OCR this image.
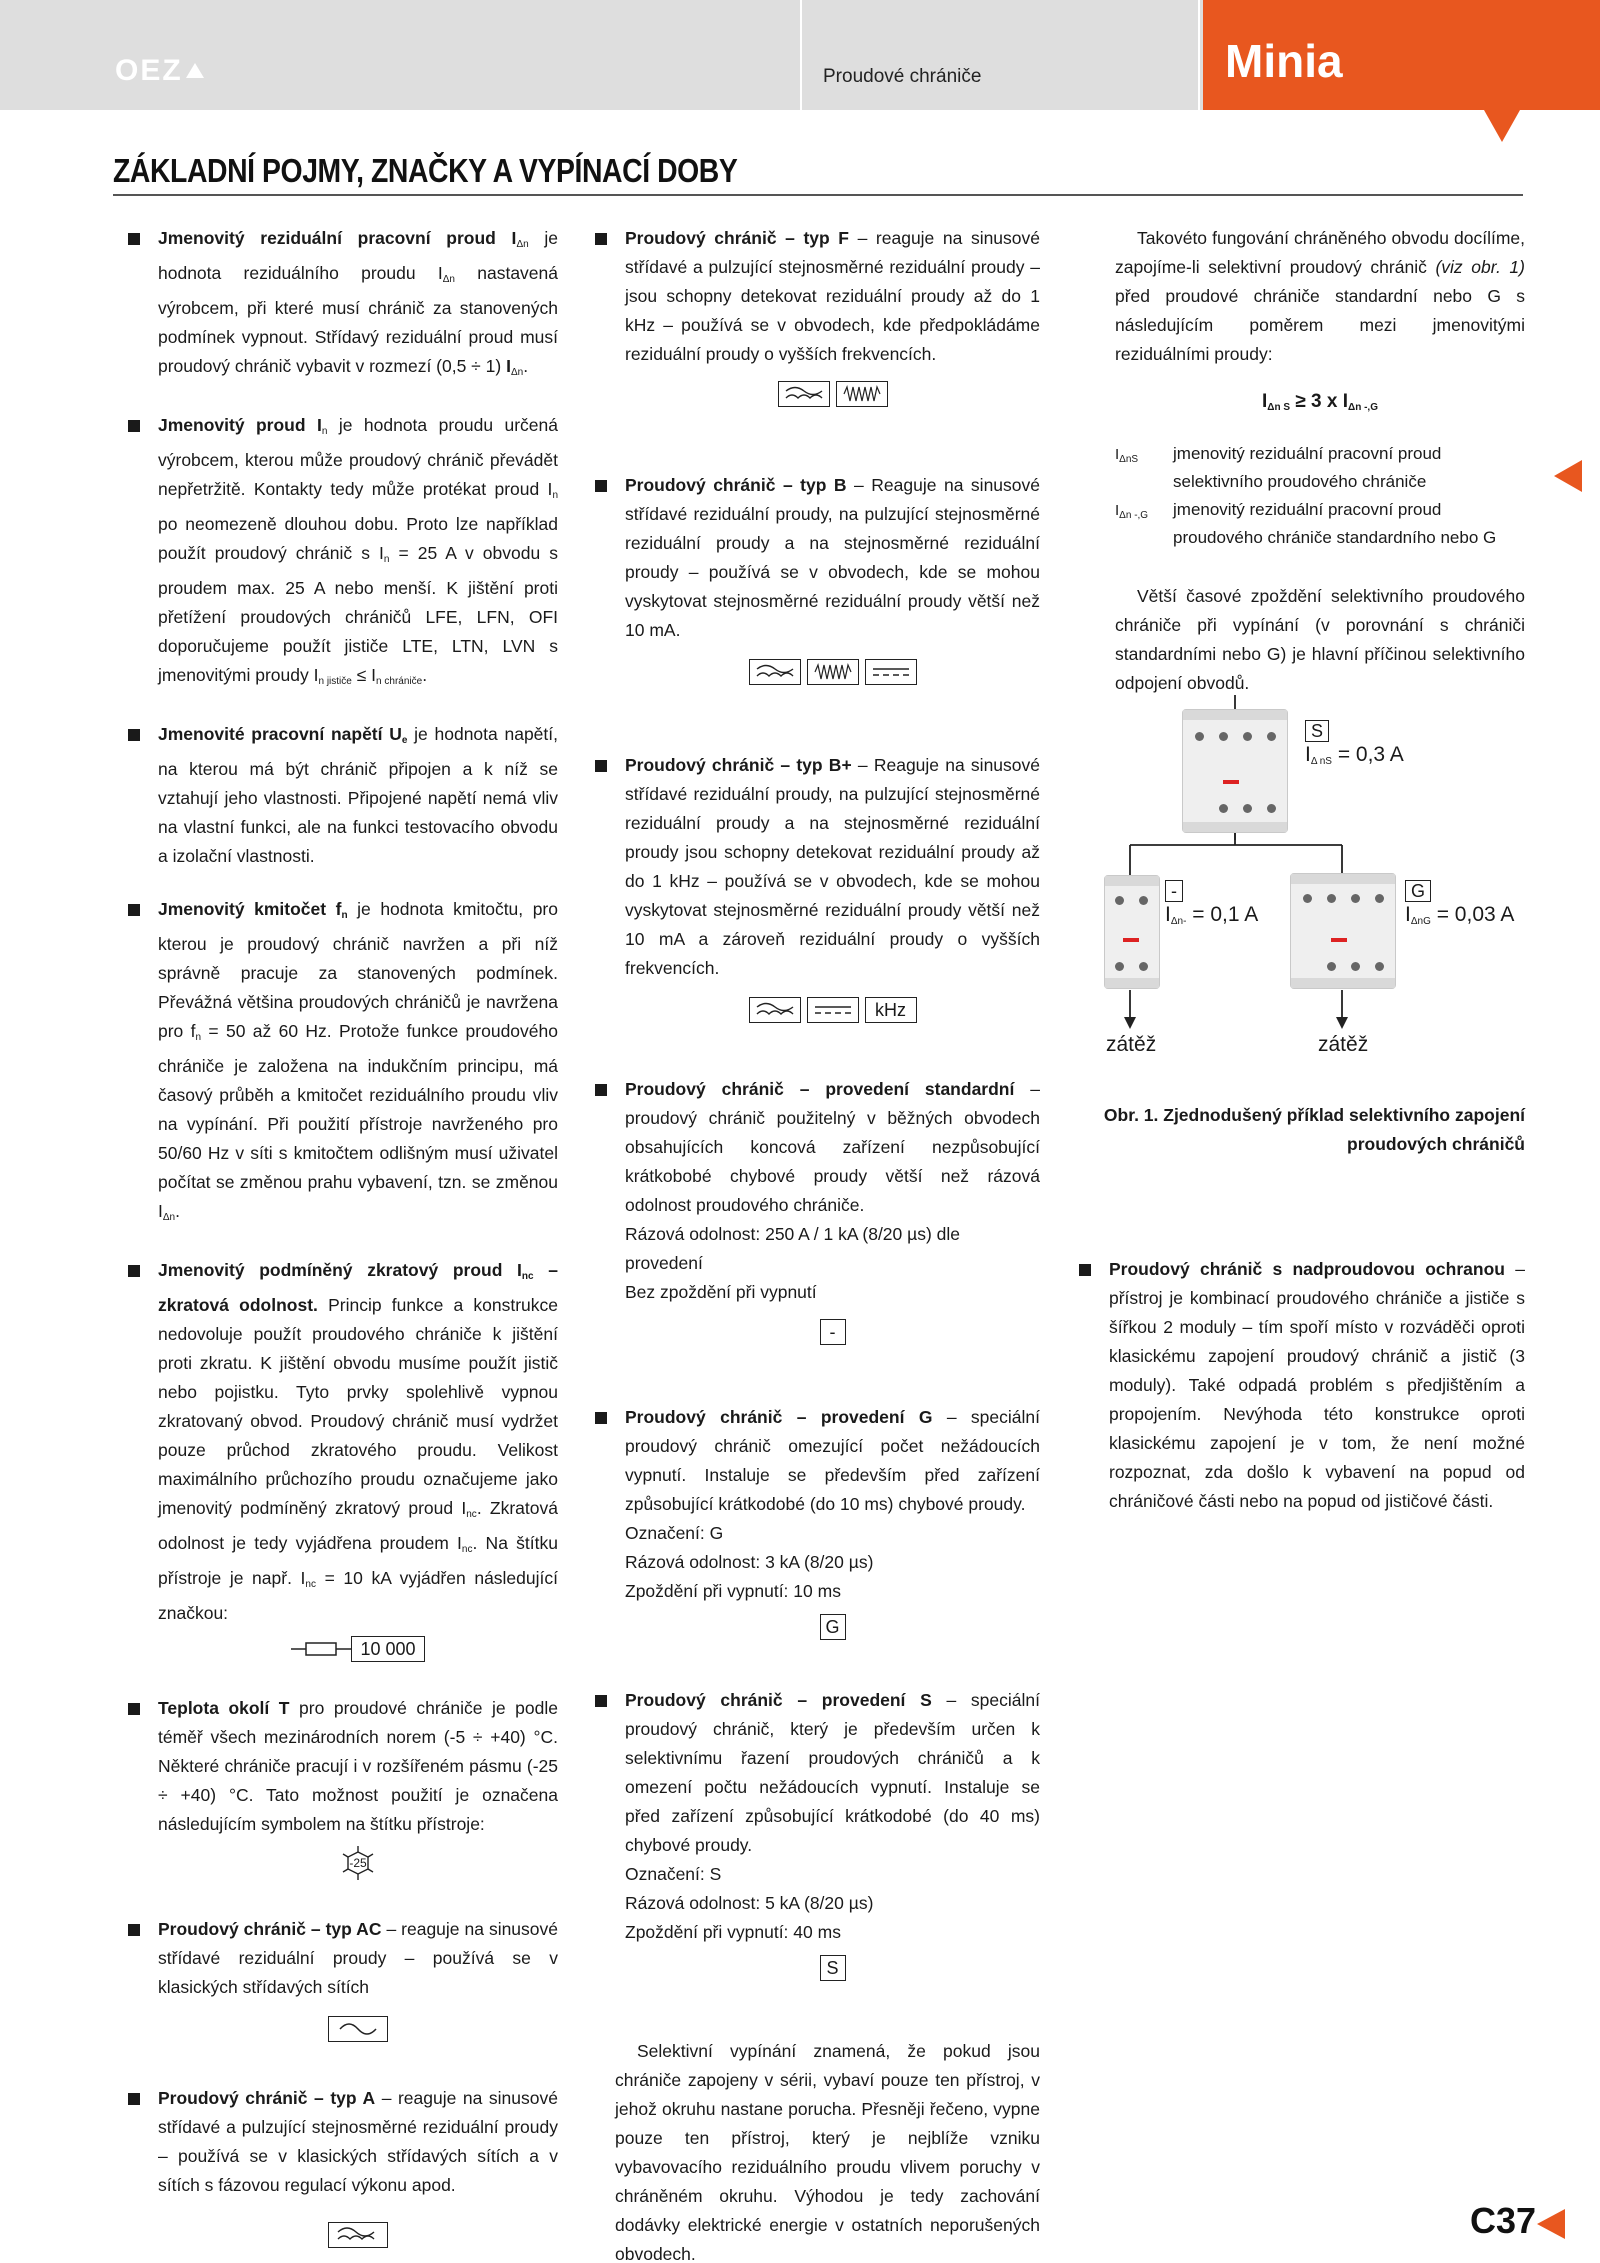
OEZ	Proudové chrániče	Minia
ZÁKLADNÍ POJMY, ZNAČKY A VYPÍNACÍ DOBY

Jmenovitý reziduální pracovní proud $I_{\Delta n}$ je hodnota reziduálního proudu $I_{\Delta n}$ nastavená výrobcem, při které musí chránič za stanovených podmínek vypnout. Střídavý reziduální proud musí proudový chránič vybavit v rozmezí (0,5 ÷ 1) $I_{\Delta n}$.

Jmenovitý proud $I_n$ je hodnota proudu určená výrobcem, kterou může proudový chránič převádět nepřetržitě. Kontakty tedy může protékat proud $I_n$ po neomezeně dlouhou dobu. Proto lze například použít proudový chránič s $I_n = 25$ A v obvodu s proudem max. 25 A nebo menší. K jištění proti přetížení proudových chráničů LFE, LFN, OFI doporučujeme použít jističe LTE, LTN, LVN s jmenovitými proudy $I_{n jističe} \le I_{n chrániče}$.

Jmenovité pracovní napětí $U_e$ je hodnota napětí, na kterou má být chránič připojen a k níž se vztahují jeho vlastnosti. Připojené napětí nemá vliv na vlastní funkci, ale na funkci testovacího obvodu a izolační vlastnosti.

Jmenovitý kmitočet $f_n$ je hodnota kmitočtu, pro kterou je proudový chránič navržen a při níž správně pracuje za stanovených podmínek. Převážná většina proudových chráničů je navržena pro $f_n = 50$ až 60 Hz. Protože funkce proudového chrániče je založena na indukčním principu, má časový průběh a kmitočet reziduálního proudu vliv na vypínání. Při použití přístroje navrženého pro 50/60 Hz v síti s kmitočtem odlišným musí uživatel počítat se změnou prahu vybavení, tzn. se změnou $I_{\Delta n}$.

Jmenovitý podmíněný zkratový proud $I_{nc}$ – zkratová odolnost. Princip funkce a konstrukce nedovoluje použít proudového chrániče k jištění proti zkratu. K jištění obvodu musíme použít jistič nebo pojistku. Tyto prvky spolehlivě vypnou zkratovaný obvod. Proudový chránič musí vydržet pouze průchod zkratového proudu. Velikost maximálního průchozího proudu označujeme jako jmenovitý podmíněný zkratový proud $I_{nc}$. Zkratová odolnost je tedy vyjádřena proudem $I_{nc}$. Na štítku přístroje je např. $I_{nc} = 10$ kA vyjádřen následující značkou:

10 000

Teplota okolí T pro proudové chrániče je podle téměř všech mezinárodních norem (-5 ÷ +40) °C. Některé chrániče pracují i v rozšířeném pásmu (-25 ÷ +40) °C. Tato možnost použití je označena následujícím symbolem na štítku přístroje:

-25

Proudový chránič – typ AC – reaguje na sinusové střídavé reziduální proudy – používá se v klasických střídavých sítích

Proudový chránič – typ A – reaguje na sinusové střídavé a pulzující stejnosměrné reziduální proudy – používá se v klasických střídavých sítích a v sítích s fázovou regulací výkonu apod.

Proudový chránič – typ F – reaguje na sinusové střídavé a pulzující stejnosměrné reziduální proudy – jsou schopny detekovat reziduální proudy až do 1 kHz – používá se v obvodech, kde předpokládáme reziduální proudy o vyšších frekvencích.

Proudový chránič – typ B – Reaguje na sinusové střídavé reziduální proudy, na pulzující stejnosměrné reziduální proudy a na stejnosměrné reziduální proudy – používá se v obvodech, kde se mohou vyskytovat stejnosměrné reziduální proudy větší než 10 mA.

Proudový chránič – typ B+ – Reaguje na sinusové střídavé reziduální proudy, na pulzující stejnosměrné reziduální proudy a na stejnosměrné reziduální proudy jsou schopny detekovat reziduální proudy až do 1 kHz – používá se v obvodech, kde se mohou vyskytovat stejnosměrné reziduální proudy větší než 10 mA a zároveň reziduální proudy o vyšších frekvencích.

kHz

Proudový chránič – provedení standardní – proudový chránič použitelný v běžných obvodech obsahujících koncová zařízení nezpůsobující krátkobobé chybové proudy větší než rázová odolnost proudového chrániče.

Rázová odolnost: 250 A / 1 kA (8/20 µs) dle provedení

Bez zpoždění při vypnutí

-

Proudový chránič – provedení G – speciální proudový chránič omezující počet nežádoucích vypnutí. Instaluje se především před zařízení způsobující krátkodobé (do 10 ms) chybové proudy.

Označení: G

Rázová odolnost: 3 kA (8/20 µs)

Zpoždění při vypnutí: 10 ms

G

Proudový chránič – provedení S – speciální proudový chránič, který je především určen k selektivnímu řazení proudových chráničů a k omezení počtu nežádoucích vypnutí. Instaluje se před zařízení způsobující krátkodobé (do 40 ms) chybové proudy.

Označení: S

Rázová odolnost: 5 kA (8/20 µs)

Zpoždění při vypnutí: 40 ms

S

Selektivní vypínání znamená, že pokud jsou chrániče zapojeny v sérii, vybaví pouze ten přístroj, v jehož okruhu nastane porucha. Přesněji řečeno, vypne pouze ten přístroj, který je nejblíže vzniku vybavovacího reziduálního proudu vlivem poruchy v chráněném okruhu. Výhodou je tedy zachování dodávky elektrické energie v ostatních neporušených obvodech.

Takovéto fungování chráněného obvodu docílíme, zapojíme-li selektivní proudový chránič (viz obr. 1) před proudové chrániče standardní nebo G s následujícím poměrem mezi jmenovitými reziduálními proudy:

$I_{\Delta n S} \ge 3$ x $I_{\Delta n -,G}$
$I_{\Delta nS}$	jmenovitý reziduální pracovní proud selektivního proudového chrániče
$I_{\Delta n -,G}$	jmenovitý reziduální pracovní proud proudového chrániče standardního nebo G

Větší časové zpoždění selektivního proudového chrániče při vypínání (v porovnání s chrániči standardními nebo G) je hlavní příčinou selektivního odpojení obvodů.

S
$I_{\Delta nS} = 0,3$ A
-
$I_{\Delta n-} = 0,1$ A
G
$I_{\Delta nG} = 0,03$ A
zátěž	zátěž
Obr. 1. Zjednodušený příklad selektivního zapojení proudových chráničů

Proudový chránič s nadproudovou ochranou – přístroj je kombinací proudového chrániče a jističe s šířkou 2 moduly – tím spoří místo v rozváděči oproti klasickému zapojení proudový chránič a jistič (3 moduly). Také odpadá problém s předjištěním a propojením. Nevýhoda této konstrukce oproti klasickému zapojení je v tom, že není možné rozpoznat, zda došlo k vybavení na popud od chráničové části nebo na popud od jističové části.

C37
